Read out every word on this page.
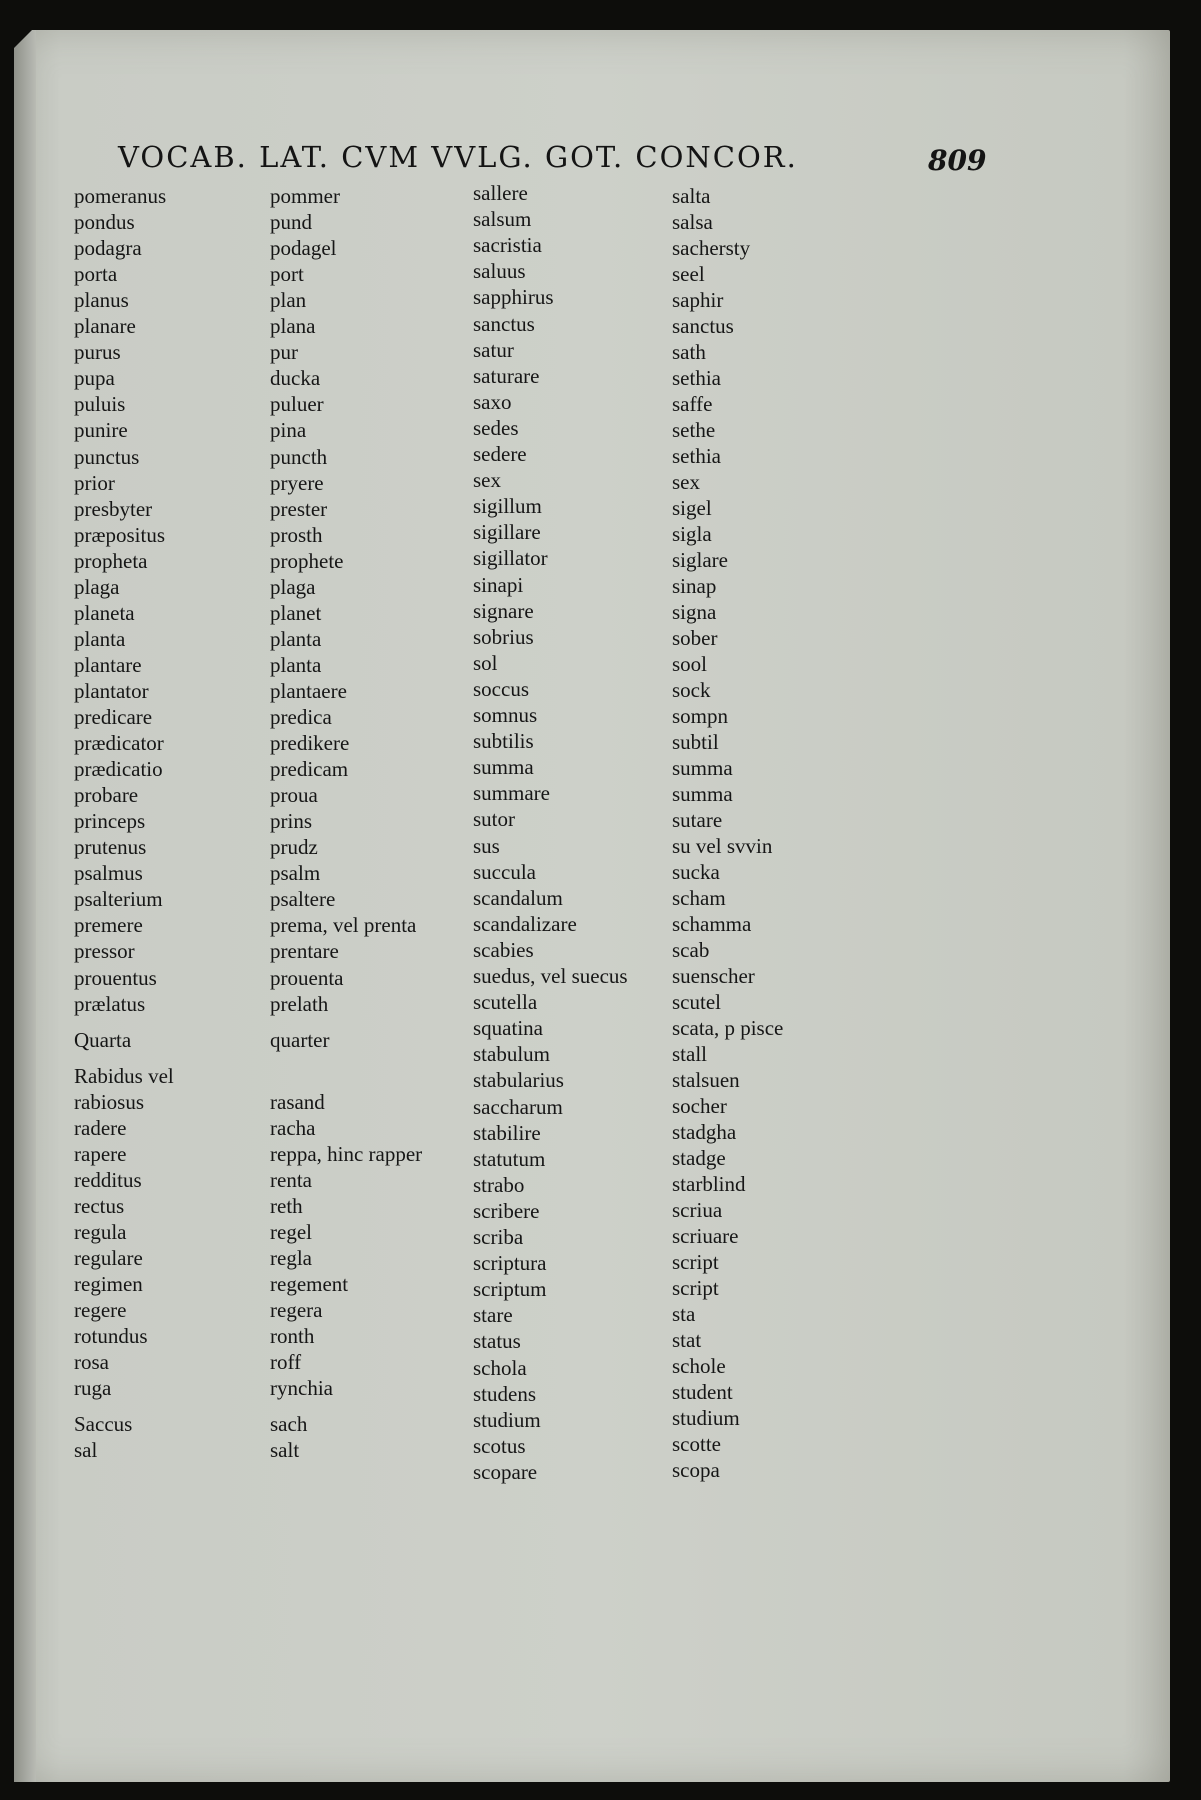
VOCAB. LAT. CVM VVLG. GOT. CONCOR.	809
pomeranus
pondus
podagra
porta
planus
planare
purus
pupa
puluis
punire
punctus
prior
presbyter
præpositus
propheta
plaga
planeta
planta
plantare
plantator
predicare
prædicator
prædicatio
probare
princeps
prutenus
psalmus
psalterium
premere
pressor
prouentus
prælatus
Quarta
Rabidus vel
rabiosus
radere
rapere
redditus
rectus
regula
regulare
regimen
regere
rotundus
rosa
ruga
Saccus
sal
pommer
pund
podagel
port
plan
plana
pur
ducka
puluer
pina
puncth
pryere
prester
prosth
prophete
plaga
planet
planta
planta
plantaere
predica
predikere
predicam
proua
prins
prudz
psalm
psaltere
prema, vel prenta
prentare
prouenta
prelath
quarter
rasand
racha
reppa, hinc rapper
renta
reth
regel
regla
regement
regera
ronth
roff
rynchia
sach
salt
sallere
salsum
sacristia
saluus
sapphirus
sanctus
satur
saturare
saxo
sedes
sedere
sex
sigillum
sigillare
sigillator
sinapi
signare
sobrius
sol
soccus
somnus
subtilis
summa
summare
sutor
sus
succula
scandalum
scandalizare
scabies
suedus, vel suecus
scutella
squatina
stabulum
stabularius
saccharum
stabilire
statutum
strabo
scribere
scriba
scriptura
scriptum
stare
status
schola
studens
studium
scotus
scopare
salta
salsa
sachersty
seel
saphir
sanctus
sath
sethia
saffe
sethe
sethia
sex
sigel
sigla
siglare
sinap
signa
sober
sool
sock
sompn
subtil
summa
summa
sutare
su vel svvin
sucka
scham
schamma
scab
suenscher
scutel
scata, p pisce
stall
stalsuen
socher
stadgha
stadge
starblind
scriua
scriuare
script
script
sta
stat
schole
student
studium
scotte
scopa
